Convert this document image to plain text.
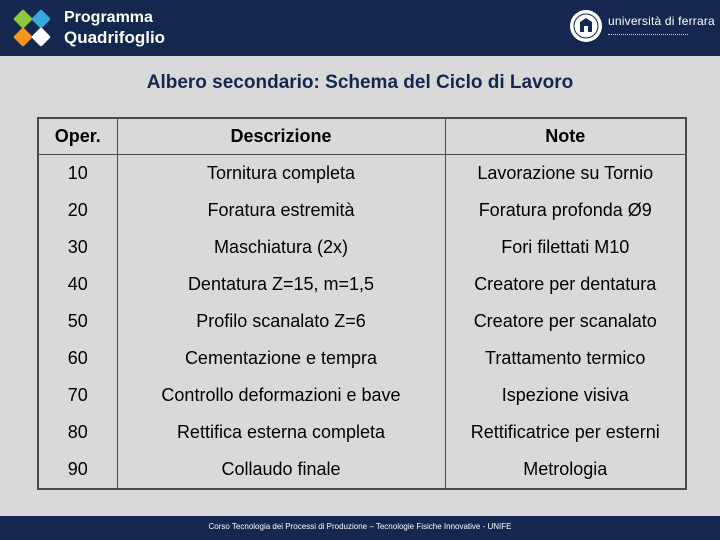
Programma
Quadrifoglio
università di ferrara
Albero secondario: Schema del Ciclo di Lavoro
Oper.	Descrizione	Note
10	Tornitura completa	Lavorazione su Tornio
20	Foratura estremità	Foratura profonda Ø9
30	Maschiatura (2x)	Fori filettati M10
40	Dentatura Z=15, m=1,5	Creatore per dentatura
50	Profilo scanalato Z=6	Creatore per scanalato
60	Cementazione e tempra	Trattamento termico
70	Controllo deformazioni e bave	Ispezione visiva
80	Rettifica esterna completa	Rettificatrice per esterni
90	Collaudo finale	Metrologia
Corso Tecnologia dei Processi di Produzione – Tecnologie Fisiche Innovative - UNIFE
